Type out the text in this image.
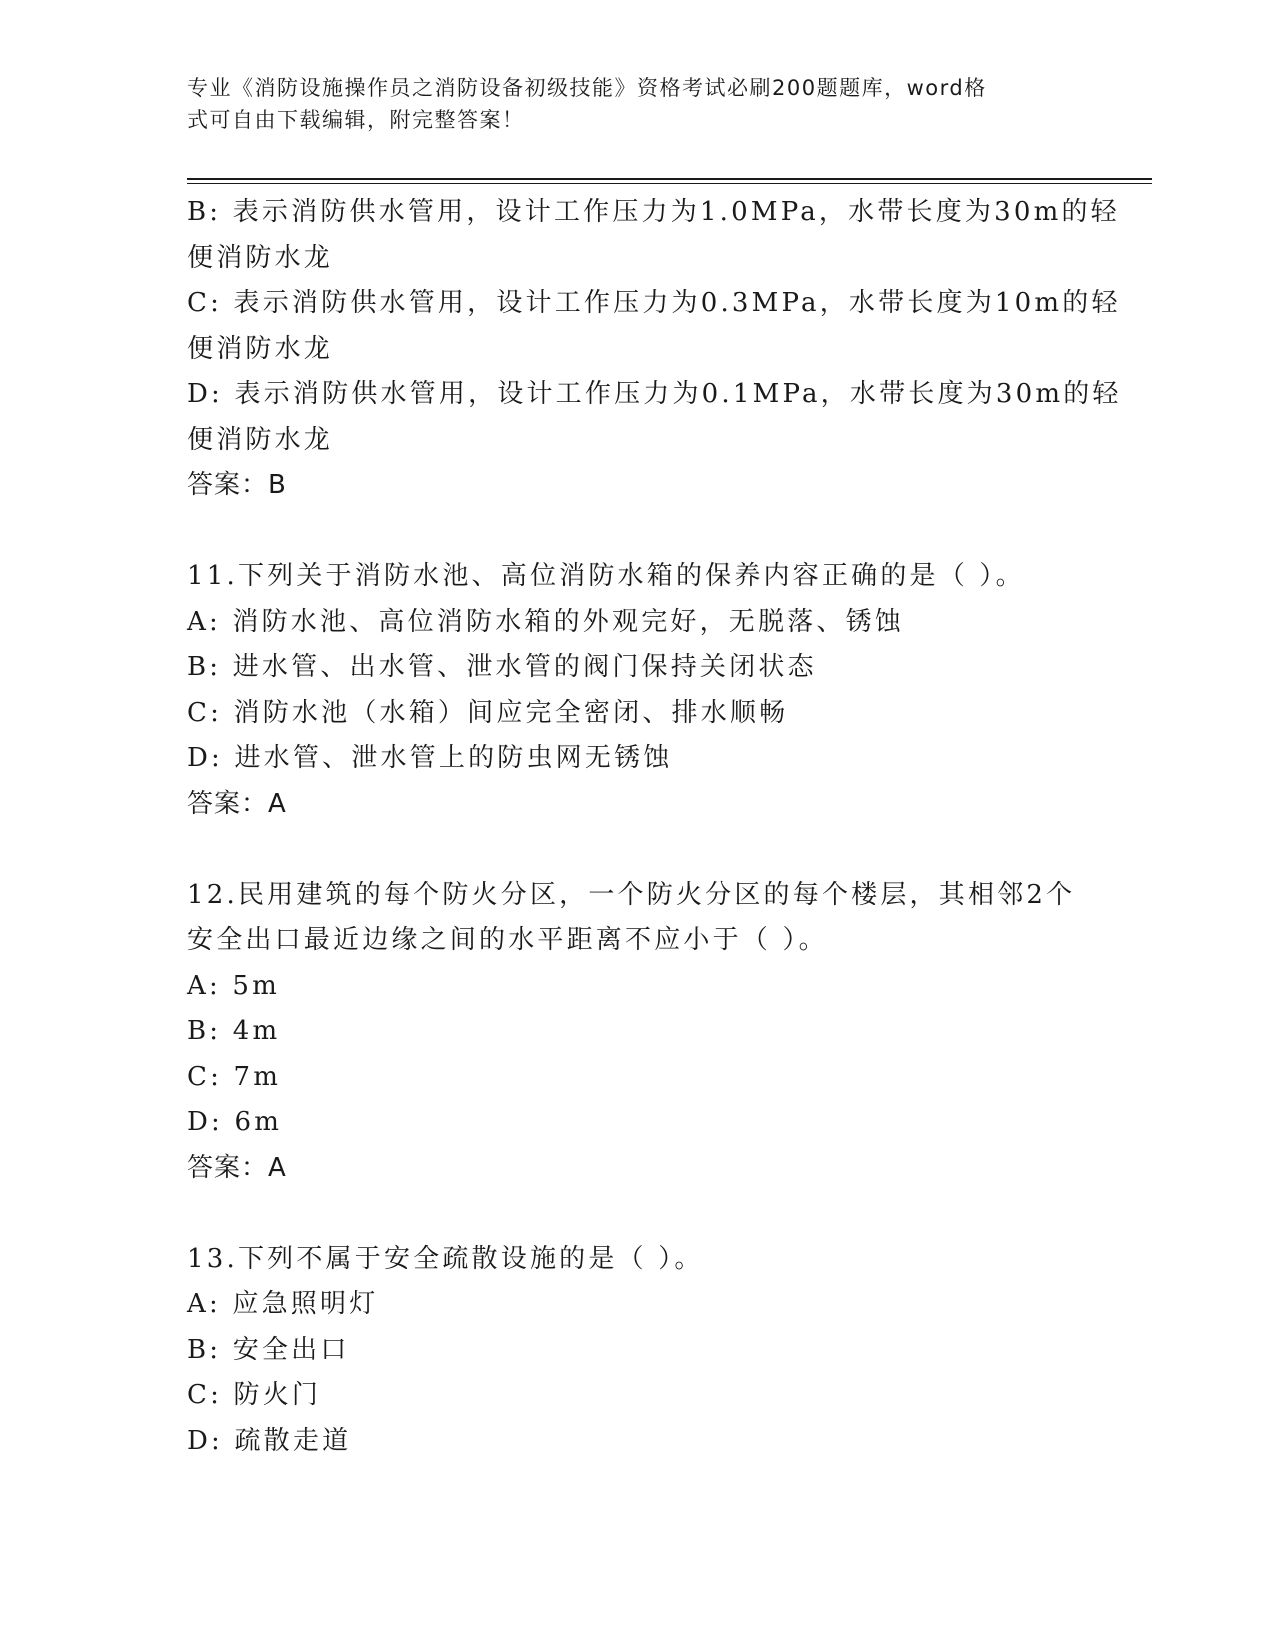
专业《消防设施操作员之消防设备初级技能》资格考试必刷200题题库，word格
式可自由下载编辑，附完整答案！
B: 表示消防供水管用，设计工作压力为1.0MPa，水带长度为30m的轻
便消防水龙
C: 表示消防供水管用，设计工作压力为0.3MPa，水带长度为10m的轻
便消防水龙
D: 表示消防供水管用，设计工作压力为0.1MPa，水带长度为30m的轻
便消防水龙
答案：B
11.下列关于消防水池、高位消防水箱的保养内容正确的是（ ）。
A: 消防水池、高位消防水箱的外观完好，无脱落、锈蚀
B: 进水管、出水管、泄水管的阀门保持关闭状态
C: 消防水池（水箱）间应完全密闭、排水顺畅
D: 进水管、泄水管上的防虫网无锈蚀
答案：A
12.民用建筑的每个防火分区，一个防火分区的每个楼层，其相邻2个
安全出口最近边缘之间的水平距离不应小于（ ）。
A: 5m
B: 4m
C: 7m
D: 6m
答案：A
13.下列不属于安全疏散设施的是（ ）。
A: 应急照明灯
B: 安全出口
C: 防火门
D: 疏散走道
